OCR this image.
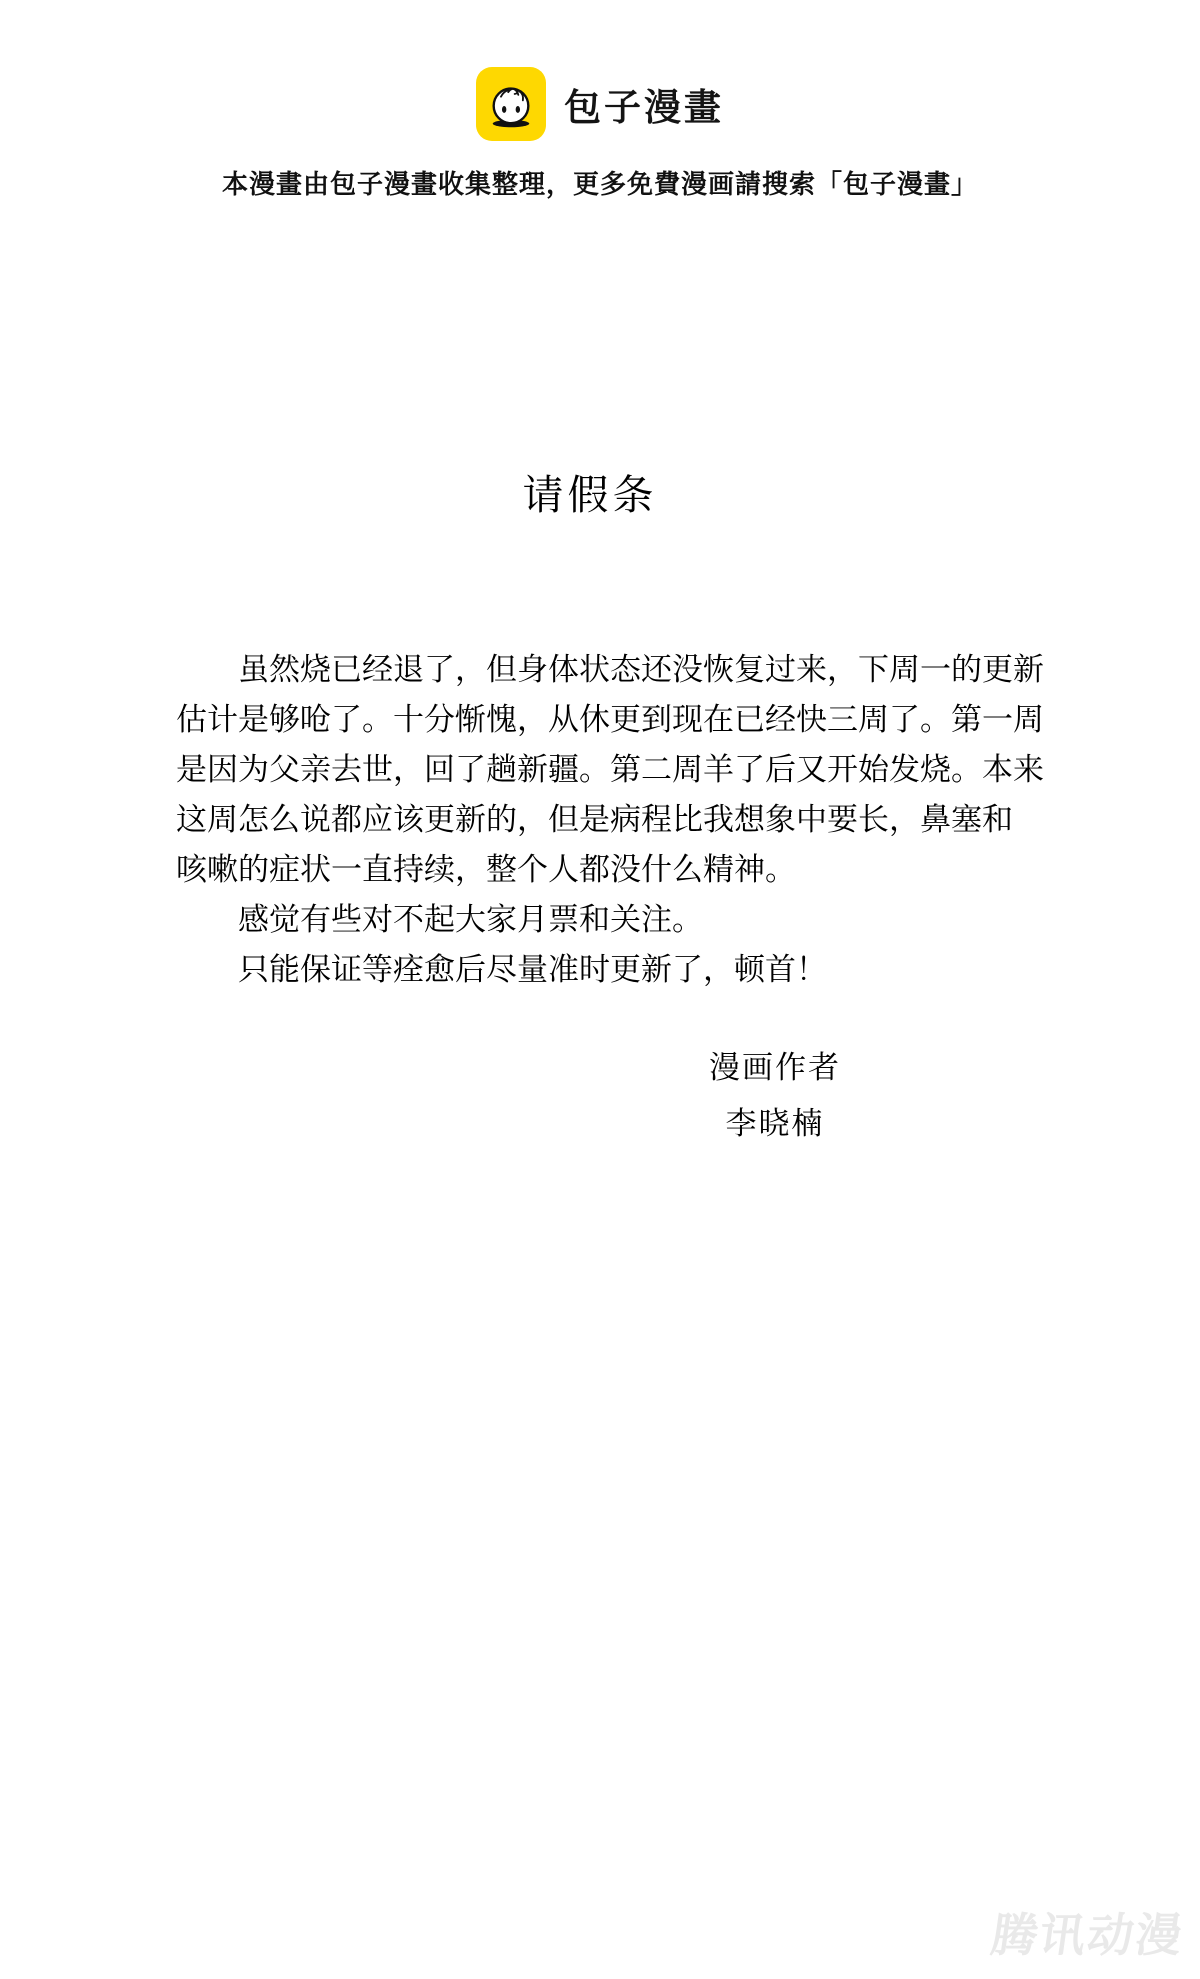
包子漫畫
本漫畫由包子漫畫收集整理，更多免費漫画請搜索「包子漫畫」
请假条
虽然烧已经退了，但身体状态还没恢复过来，下周一的更新
估计是够呛了。十分惭愧，从休更到现在已经快三周了。第一周
是因为父亲去世，回了趟新疆。第二周羊了后又开始发烧。本来
这周怎么说都应该更新的，但是病程比我想象中要长，鼻塞和
咳嗽的症状一直持续，整个人都没什么精神。
感觉有些对不起大家月票和关注。
只能保证等痊愈后尽量准时更新了，顿首！
漫画作者
李晓楠
腾讯动漫
